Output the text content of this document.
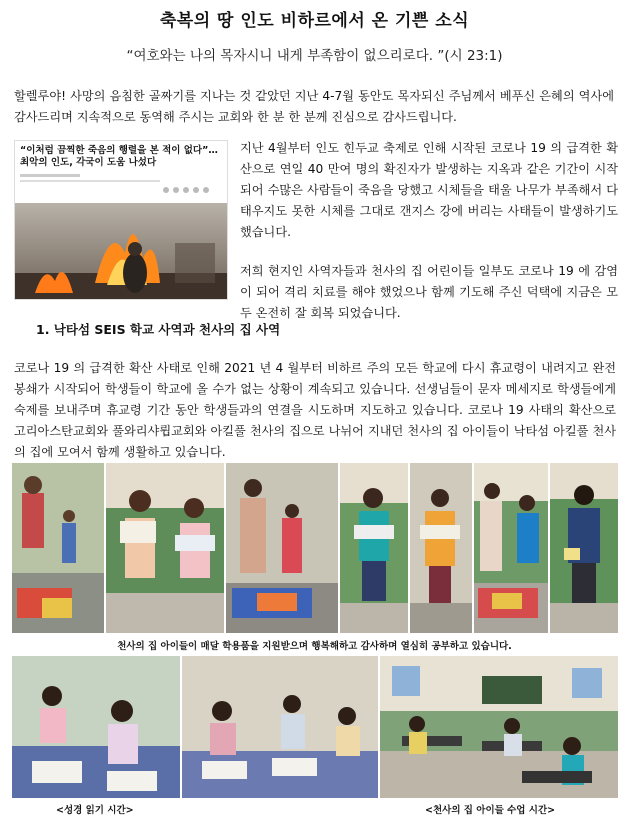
축복의 땅 인도 비하르에서 온 기쁜 소식
“여호와는 나의 목자시니 내게 부족함이 없으리로다. ”(시 23:1)
할렐루야! 사망의 음침한 골짜기를 지나는 것 같았던 지난 4-7월 동안도 목자되신 주님께서 베푸신 은혜의 역사에 감사드리며 지속적으로 동역해 주시는 교회와 한 분 한 분께 진심으로 감사드립니다.
“이처럼 끔찍한 죽음의 행렬을 본 적이 없다”…최악의 인도, 각국이 도움 나섰다

지난 4월부터 인도 힌두교 축제로 인해 시작된 코로나 19 의 급격한 확산으로 연일 40 만여 명의 확진자가 발생하는 지옥과 같은 기간이 시작되어 수많은 사람들이 죽음을 당했고 시체들을 태울 나무가 부족해서 다 태우지도 못한 시체를 그대로 갠지스 강에 버리는 사태들이 발생하기도 했습니다.

저희 현지인 사역자들과 천사의 집 어린이들 일부도 코로나 19 에 감염이 되어 격리 치료를 해야 했었으나 함께 기도해 주신 덕택에 지금은 모두 온전히 잘 회복 되었습니다.

1. 낙타섬 SEIS 학교 사역과 천사의 집 사역
코로나 19 의 급격한 확산 사태로 인해 2021 년 4 월부터 비하르 주의 모든 학교에 다시 휴교령이 내려지고 완전 봉쇄가 시작되어 학생들이 학교에 올 수가 없는 상황이 계속되고 있습니다. 선생님들이 문자 메세지로 학생들에게 숙제를 보내주며 휴교령 기간 동안 학생들과의 연결을 시도하며 지도하고 있습니다. 코로나 19 사태의 확산으로 고리아스탄교회와 풀와리샤륍교회와 아킬풀 천사의 집으로 나뉘어 지내던 천사의 집 아이들이 낙타섬 아킬풀 천사의 집에 모여서 함께 생활하고 있습니다.
천사의 집 아이들이 매달 학용품을 지원받으며 행복해하고 감사하며 열심히 공부하고 있습니다.
<성경 읽기 시간>	<천사의 집 아이들 수업 시간>
